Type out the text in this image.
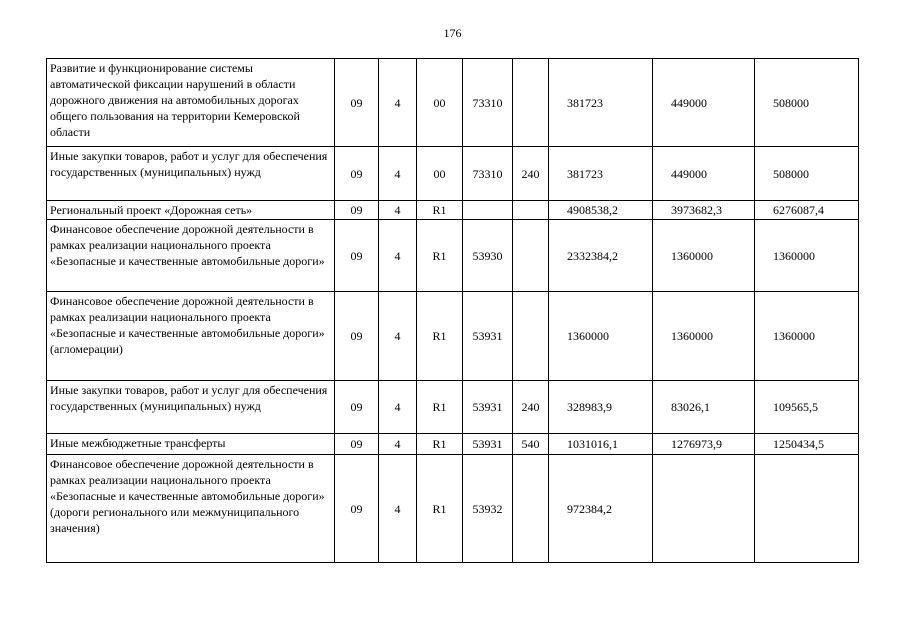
176
Развитие и функционирование системы автоматической фиксации нарушений в области дорожного движения на автомобильных дорогах общего пользования на территории Кемеровской области	09	4	00	73310		381723	449000	508000
Иные закупки товаров, работ и услуг для обеспечения государственных (муниципальных) нужд	09	4	00	73310	240	381723	449000	508000
Региональный проект «Дорожная сеть»	09	4	R1			4908538,2	3973682,3	6276087,4
Финансовое обеспечение дорожной деятельности в рамках реализации национального проекта «Безопасные и качественные автомобильные дороги»	09	4	R1	53930		2332384,2	1360000	1360000
Финансовое обеспечение дорожной деятельности в рамках реализации национального проекта «Безопасные и качественные автомобильные дороги» (агломерации)	09	4	R1	53931		1360000	1360000	1360000
Иные закупки товаров, работ и услуг для обеспечения государственных (муниципальных) нужд	09	4	R1	53931	240	328983,9	83026,1	109565,5
Иные межбюджетные трансферты	09	4	R1	53931	540	1031016,1	1276973,9	1250434,5
Финансовое обеспечение дорожной деятельности в рамках реализации национального проекта «Безопасные и качественные автомобильные дороги» (дороги регионального или межмуниципального значения)	09	4	R1	53932		972384,2		
